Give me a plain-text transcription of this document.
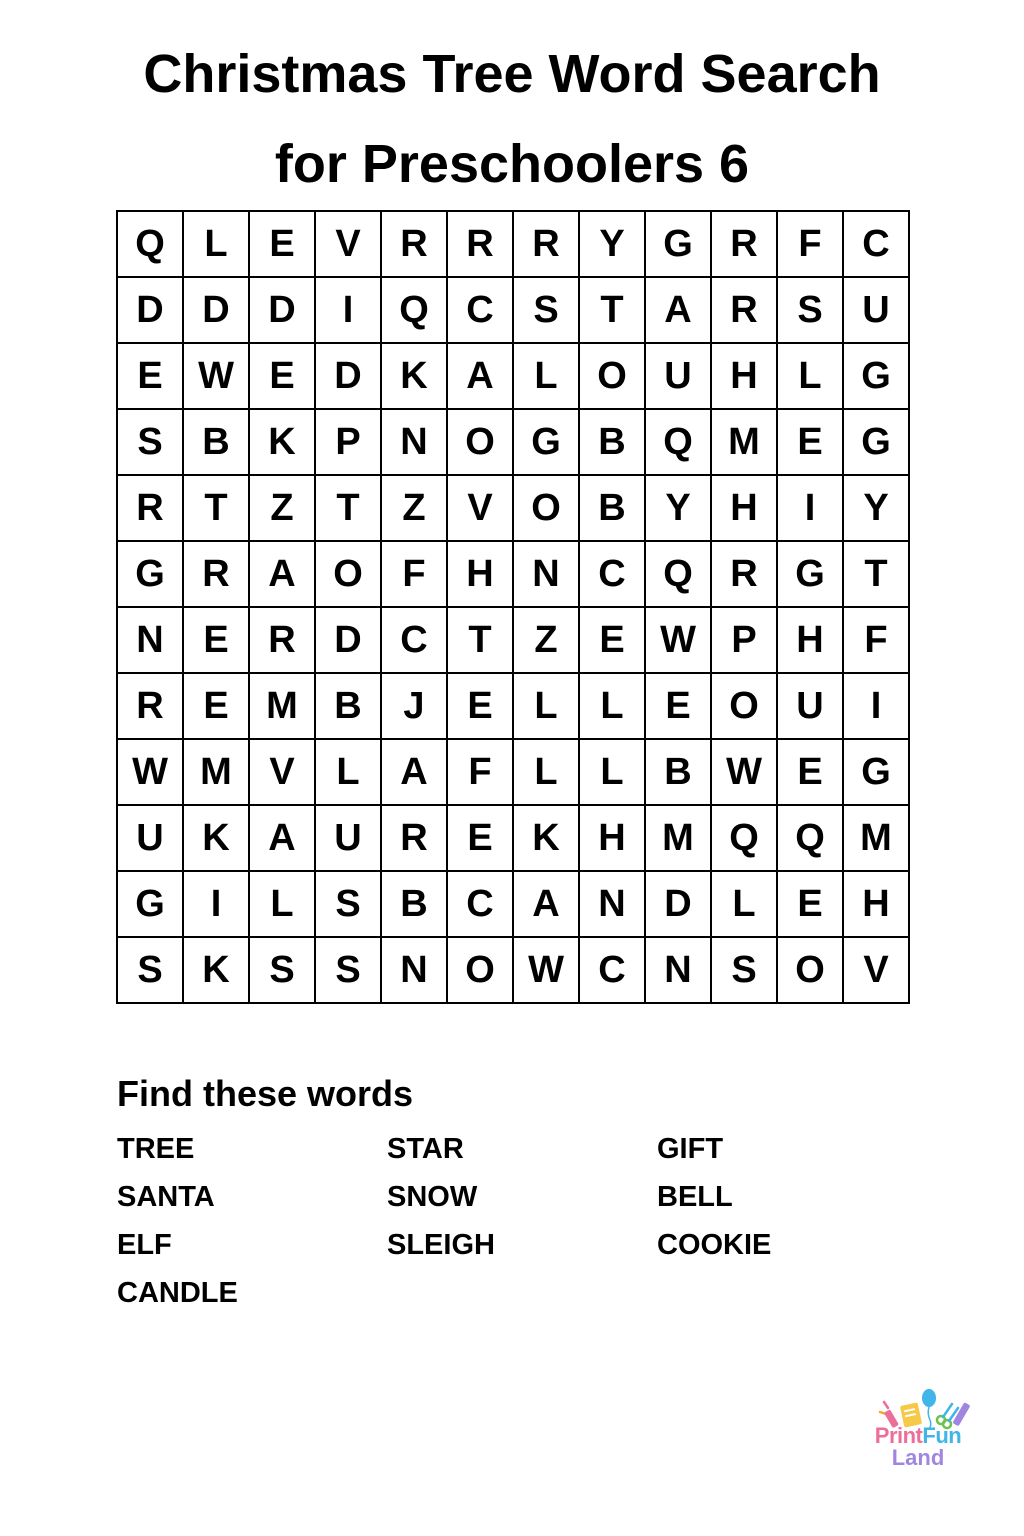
Christmas Tree Word Search
for Preschoolers 6
Q	L	E	V	R	R	R	Y	G	R	F	C
D	D	D	I	Q	C	S	T	A	R	S	U
E	W	E	D	K	A	L	O	U	H	L	G
S	B	K	P	N	O	G	B	Q	M	E	G
R	T	Z	T	Z	V	O	B	Y	H	I	Y
G	R	A	O	F	H	N	C	Q	R	G	T
N	E	R	D	C	T	Z	E	W	P	H	F
R	E	M	B	J	E	L	L	E	O	U	I
W	M	V	L	A	F	L	L	B	W	E	G
U	K	A	U	R	E	K	H	M	Q	Q	M
G	I	L	S	B	C	A	N	D	L	E	H
S	K	S	S	N	O	W	C	N	S	O	V
Find these words
TREE	STAR	GIFT
SANTA	SNOW	BELL
ELF	SLEIGH	COOKIE
CANDLE
PrintFun
Land
